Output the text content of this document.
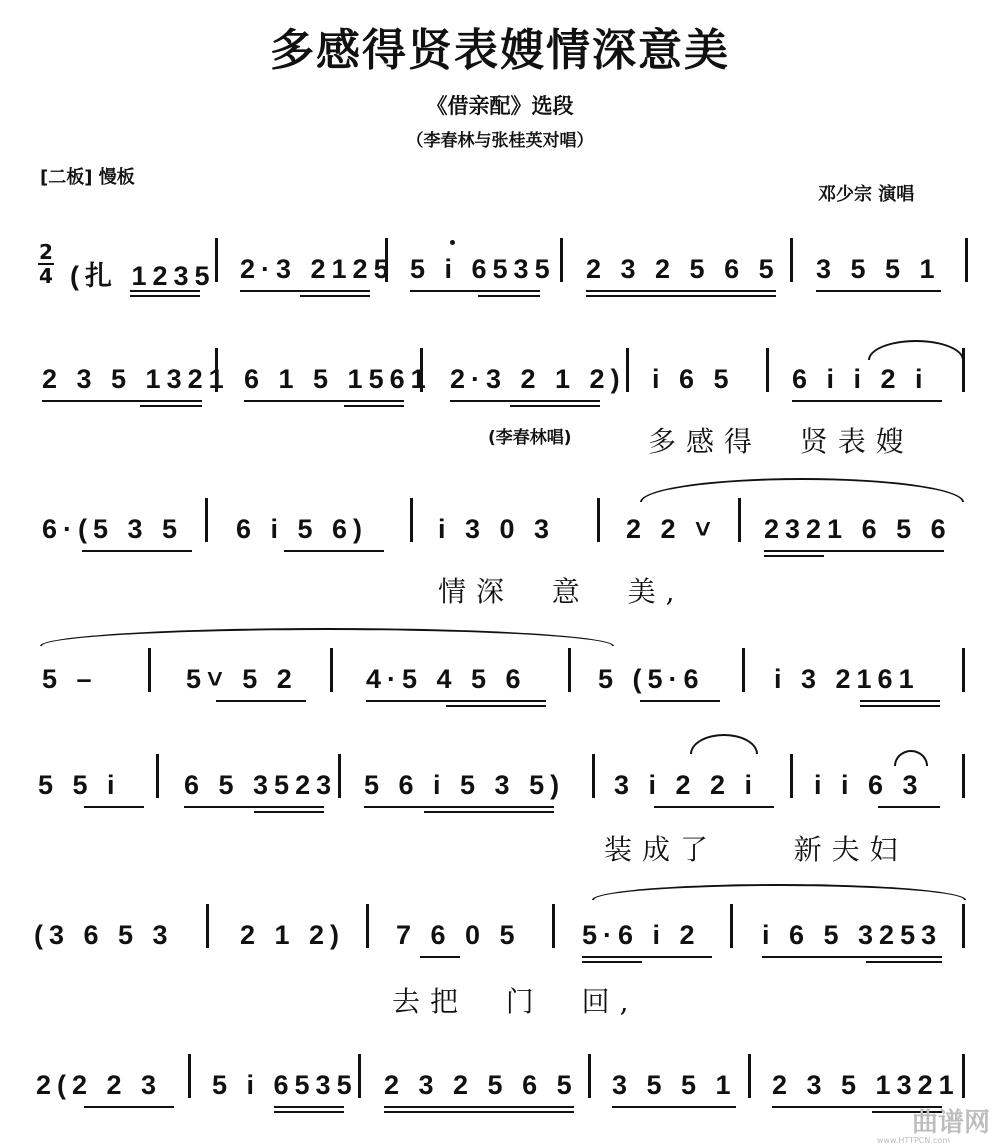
多感得贤表嫂情深意美
《借亲配》选段
（李春林与张桂英对唱）
[二板] 慢板
邓少宗 演唱
2
4 (扎 1235 2·3 2125 5 i 6535 2 3 2 5 6 5 3 5 5 1
2 3 5 1321 6 1 5 1561 2·3 2 1 2) i 6 5 6 i i 2 i
(李春林唱)	多感得  贤表嫂
6·(5 3 5 6 i 5 6)	i 3 0 3	2 2 ˅ 2321 6 5 6
情深  意  美,
5 –	5˅ 5 2	4·5 4 5 6	5 (5·6	i 3 2161
5 5 i 6 5 3523 5 6 i 5 3 5) 3 i 2 2 i i i 6 3
装成了    新夫妇
(3 6 5 3 2 1 2) 7 6 0 5 5·6 i 2 i 6 5 3253
去把  门  回,
2(2 2 3 5 i 6535 2 3 2 5 6 5 3 5 5 1 2 3 5 1321
曲谱网
www.HTTPCN.com
